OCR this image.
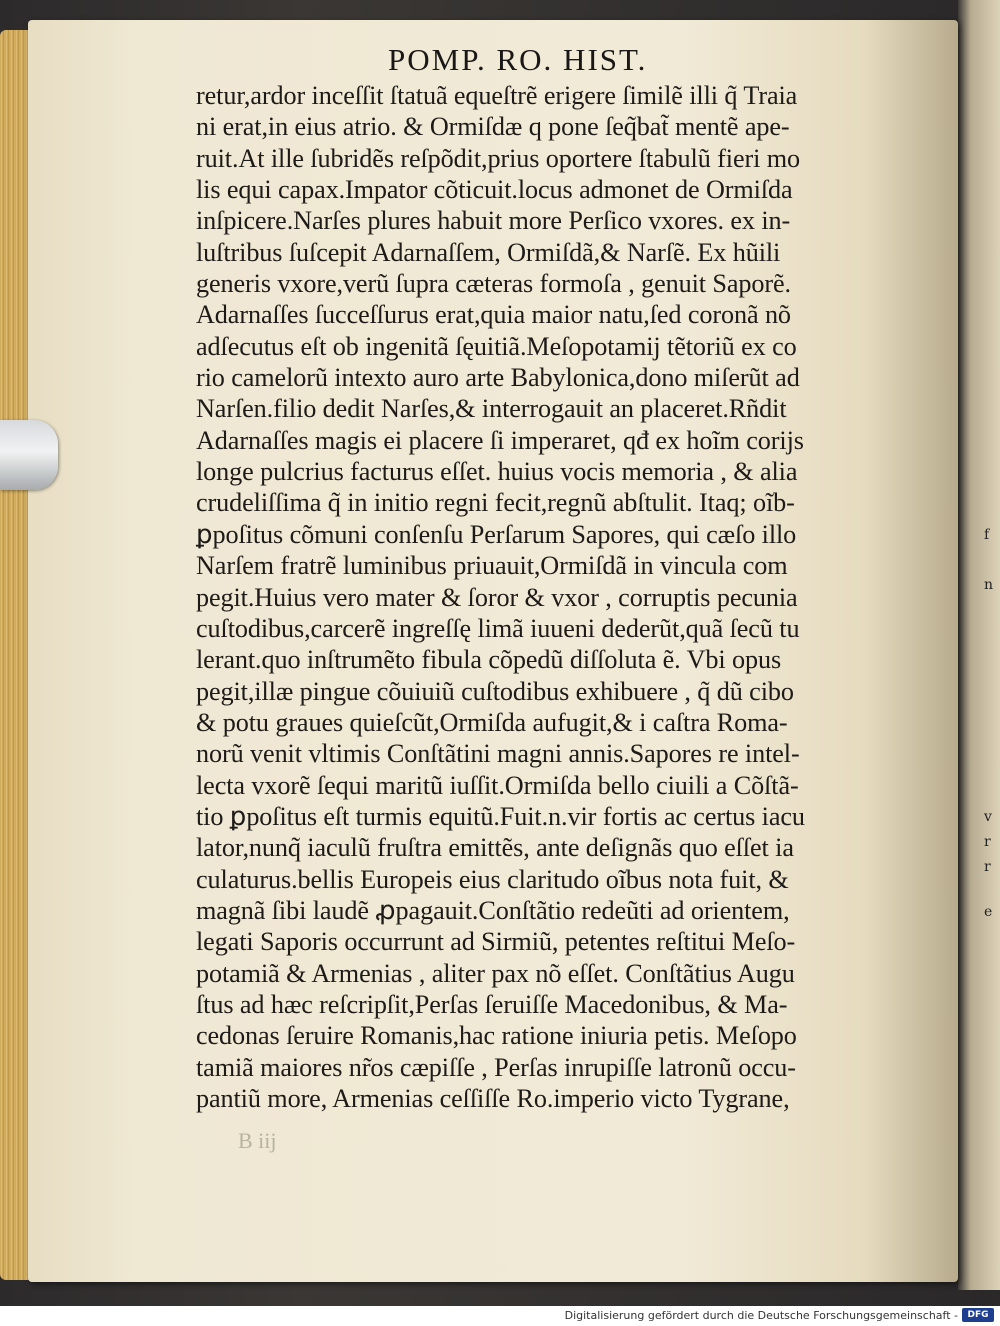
f
n
v
r
r
e
POMP. RO. HIST.
retur,ardor inceſſit ſtatuã equeſtrẽ erigere ſimilẽ illi q̃ Traia
ni erat,in eius atrio. & Ormiſdæ q pone ſeq̃bat̃ mentẽ ape-
ruit.At ille ſubridẽs reſpõdit,prius oportere ſtabulũ fieri mo
lis equi capax.Impator cõticuit.locus admonet de Ormiſda
inſpicere.Narſes plures habuit more Perſico vxores. ex in-
luſtribus ſuſcepit Adarnaſſem, Ormiſdã,& Narſẽ. Ex hũili
generis vxore,verũ ſupra cæteras formoſa , genuit Saporẽ.
Adarnaſſes ſucceſſurus erat,quia maior natu,ſed coronã nõ
adſecutus eſt ob ingenitã ſęuitiã.Meſopotamij tẽtoriũ ex co
rio camelorũ intexto auro arte Babylonica,dono miſerũt ad
Narſen.filio dedit Narſes,& interrogauit an placeret.Rñdit
Adarnaſſes magis ei placere ſi imperaret, qđ ex hoĩm corijs
longe pulcrius facturus eſſet. huius vocis memoria , & alia
crudeliſſima q̃ in initio regni fecit,regnũ abſtulit. Itaq; oĩb-
ꝑpoſitus cõmuni conſenſu Perſarum Sapores, qui cæſo illo
Narſem fratrẽ luminibus priuauit,Ormiſdã in vincula com
pegit.Huius vero mater & ſoror & vxor , corruptis pecunia
cuſtodibus,carcerẽ ingreſſę limã iuueni dederũt,quã ſecũ tu
lerant.quo inſtrumẽto fibula cõpedũ diſſoluta ẽ. Vbi opus
pegit,illæ pingue cõuiuiũ cuſtodibus exhibuere , q̃ dũ cibo
& potu graues quieſcũt,Ormiſda aufugit,& i caſtra Roma-
norũ venit vltimis Conſtãtini magni annis.Sapores re intel-
lecta vxorẽ ſequi maritũ iuſſit.Ormiſda bello ciuili a Cõſtã-
tio ꝑpoſitus eſt turmis equitũ.Fuit.n.vir fortis ac certus iacu
lator,nunq̃ iaculũ fruſtra emittẽs, ante deſignãs quo eſſet ia
culaturus.bellis Europeis eius claritudo oĩbus nota fuit, &
magnã ſibi laudẽ ꝓpagauit.Conſtãtio redeũti ad orientem,
legati Saporis occurrunt ad Sirmiũ, petentes reſtitui Meſo-
potamiã & Armenias , aliter pax nõ eſſet. Conſtãtius Augu
ſtus ad hæc reſcripſit,Perſas ſeruiſſe Macedonibus, & Ma-
cedonas ſeruire Romanis,hac ratione iniuria petis. Meſopo
tamiã maiores nr̃os cæpiſſe , Perſas inrupiſſe latronũ occu-
pantiũ more, Armenias ceſſiſſe Ro.imperio victo Tygrane,
B iij
Digitalisierung gefördert durch die Deutsche Forschungsgemeinschaft -	DFG
